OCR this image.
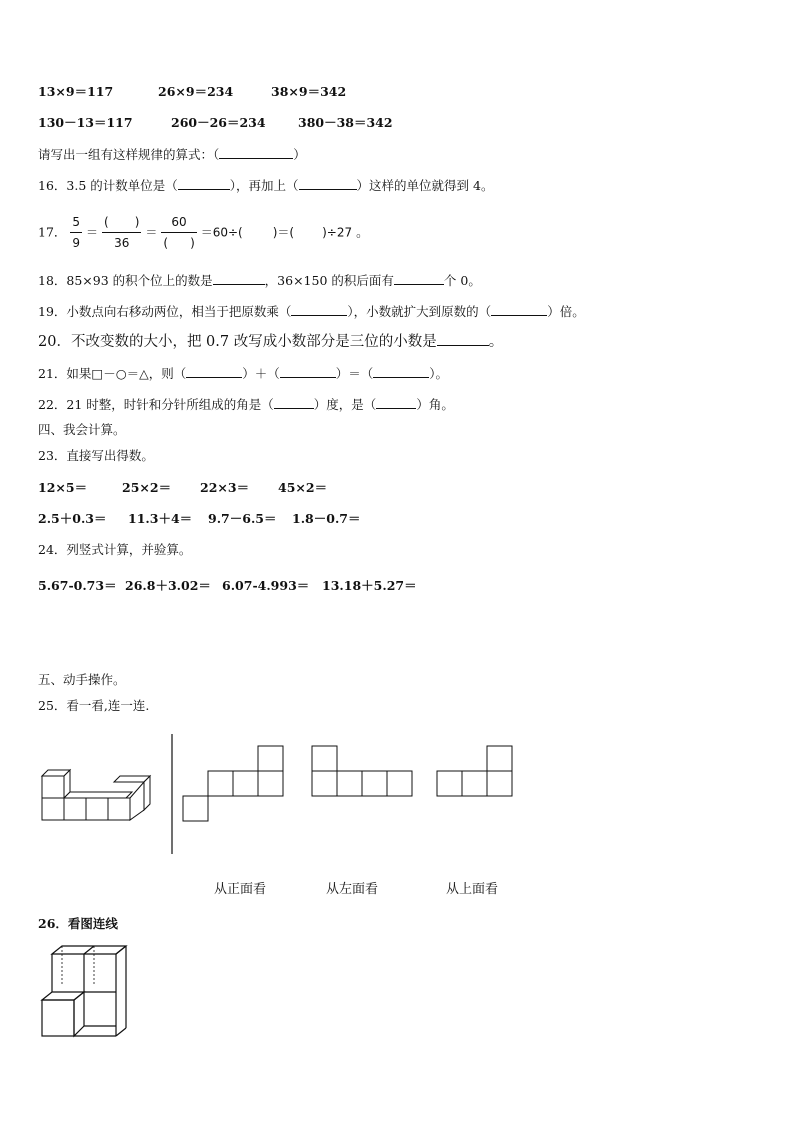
13×9＝117	26×9＝234	38×9＝342
130－13＝117	260－26＝234	380－38＝342
请写出一组有这样规律的算式：（	）
16．3.5 的计数单位是（	），再加上（	）这样的单位就得到 4。
17． $\frac{5}{9} = \frac{( )}{36} = \frac{60}{( )} =60\div$(	)＝( )÷27 。
18．85×93 的积个位上的数是	，36×150 的积后面有	个 0。
19．小数点向右移动两位，相当于把原数乘（	），小数就扩大到原数的（	）倍。
20．不改变数的大小，把 0.7 改写成小数部分是三位的小数是	。
21．如果□－○＝△，则（	）＋（	）＝（	）。
22．21 时整，时针和分针所组成的角是（	）度，是（	）角。
四、我会计算。
23．直接写出得数。
12×5＝	25×2＝ 22×3＝ 45×2＝
2.5＋0.3＝ 11.3＋4＝ 9.7－6.5＝ 1.8－0.7＝
24．列竖式计算，并验算。
5.67-0.73＝ 26.8＋3.02＝ 6.07-4.993＝ 13.18＋5.27＝
五、动手操作。
25．看一看,连一连.
从正面看	从左面看	从上面看
26．看图连线
